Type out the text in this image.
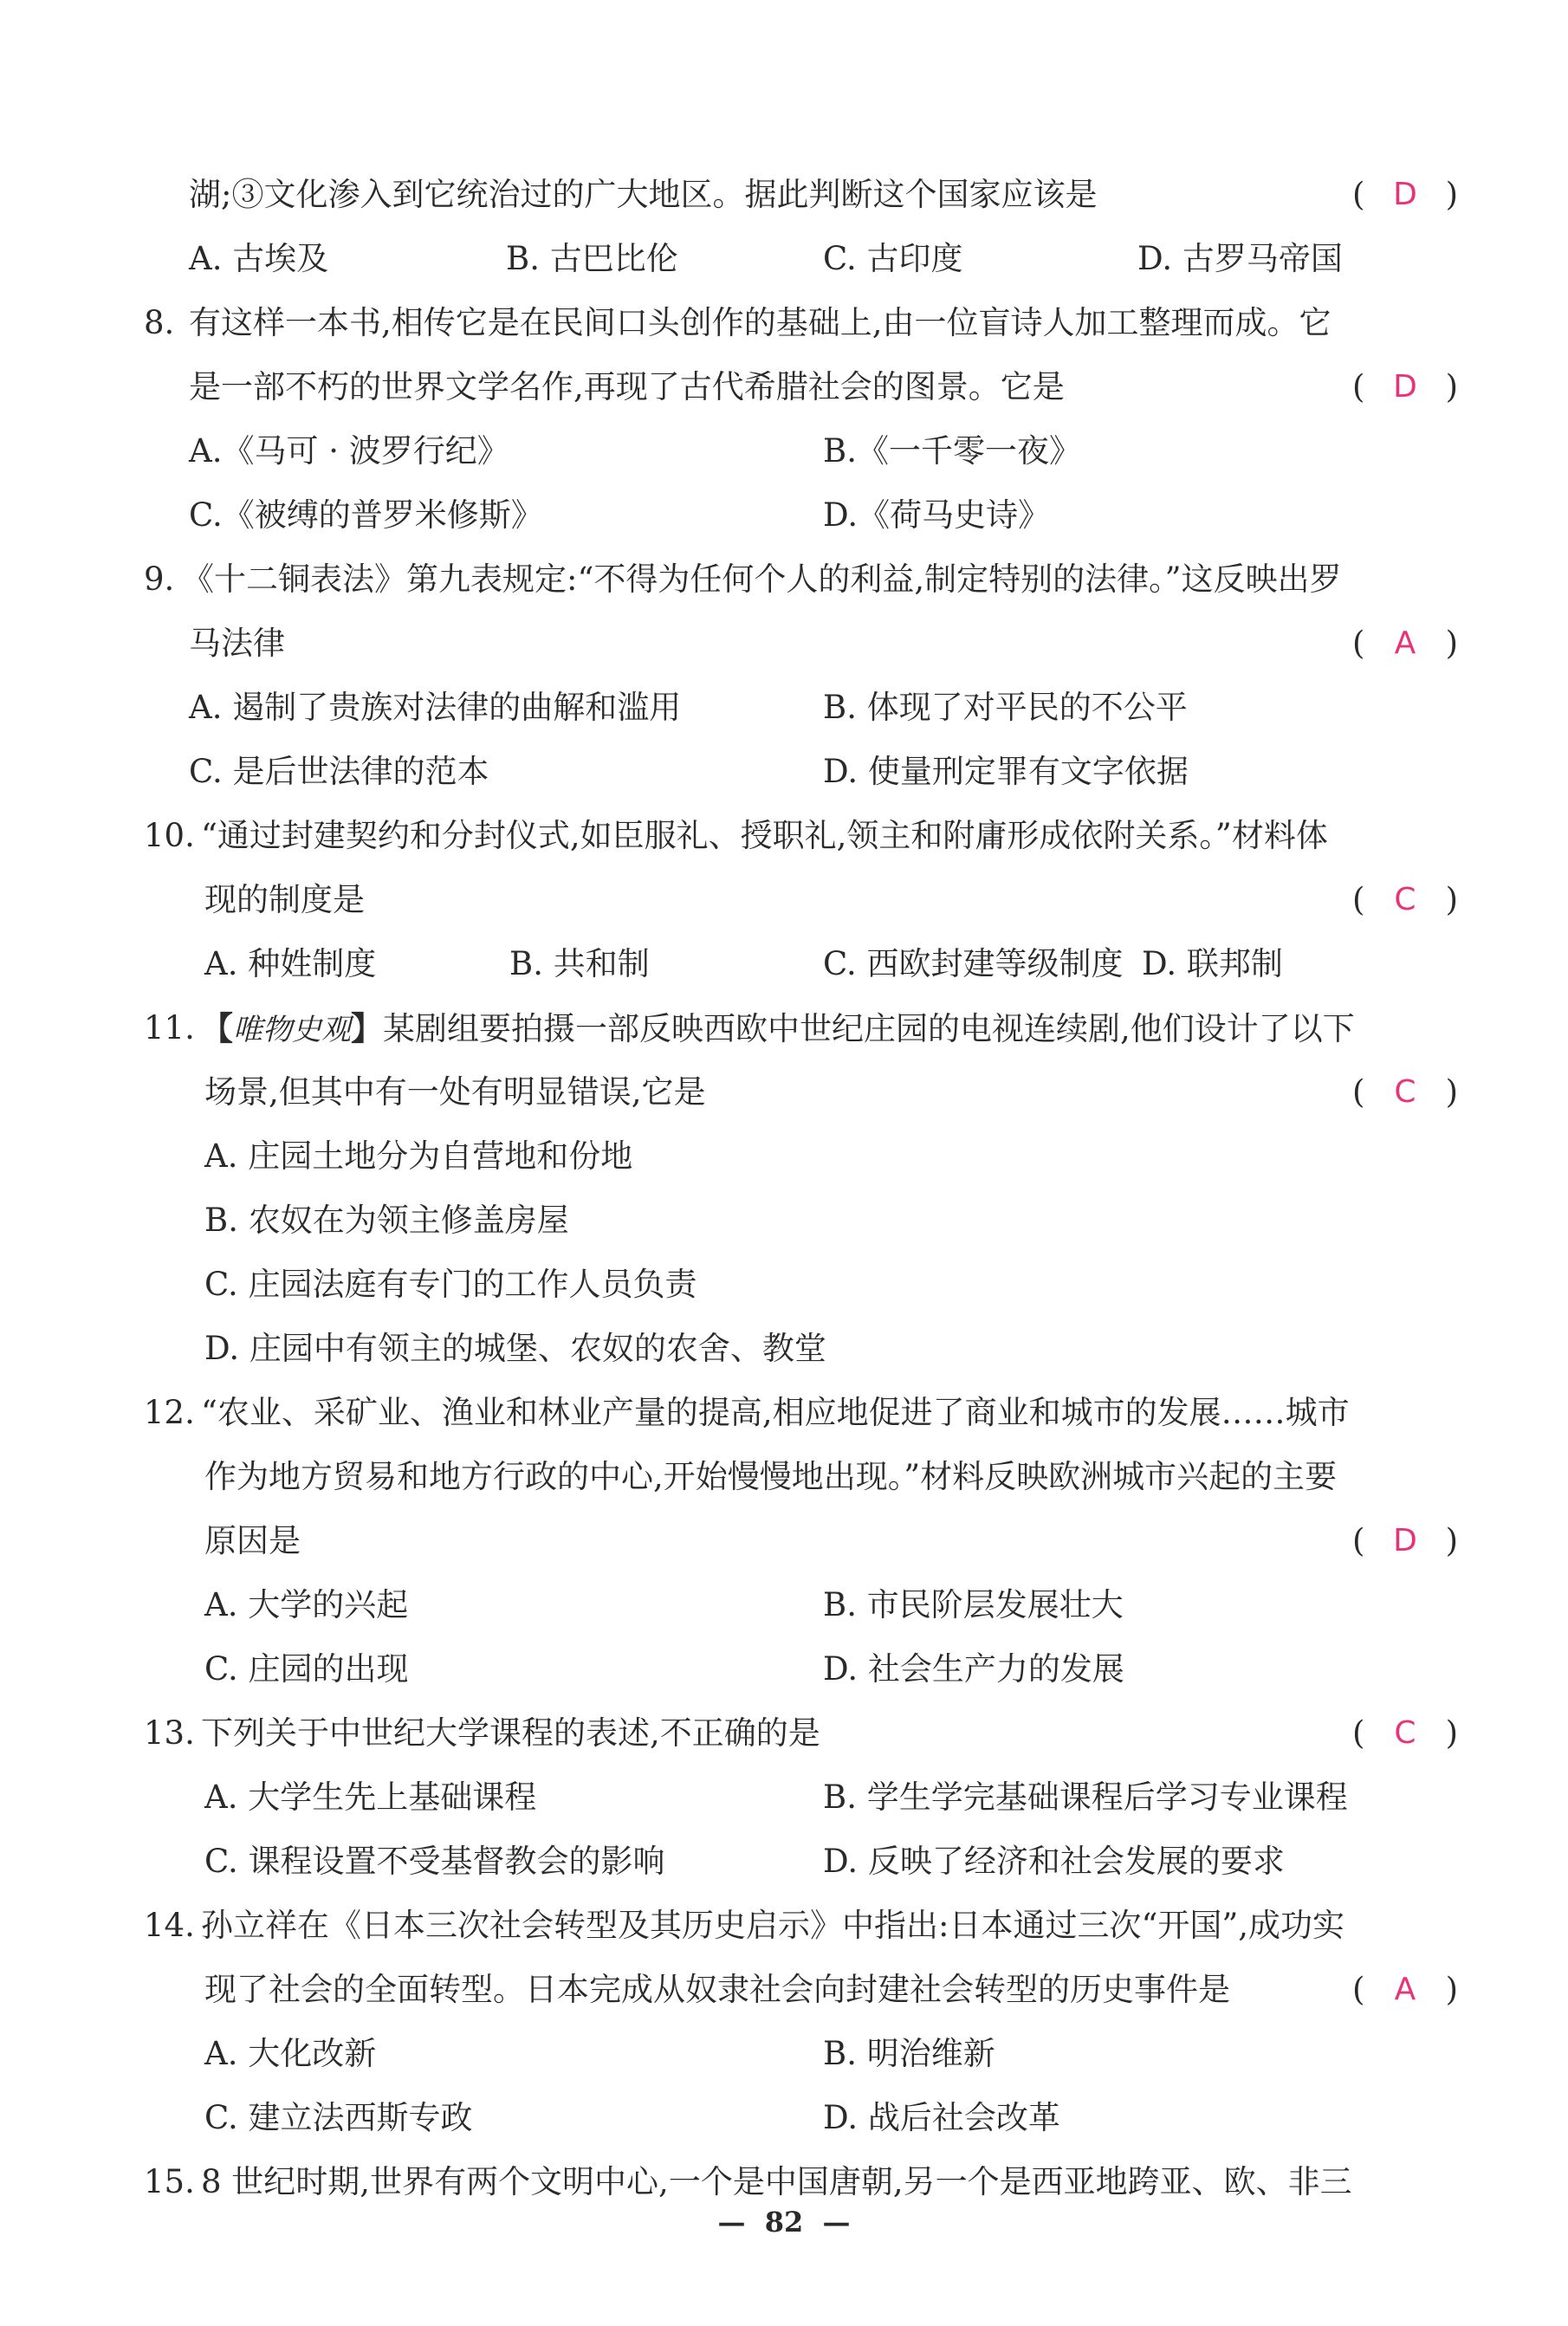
湖;③文化渗入到它统治过的广大地区。据此判断这个国家应该是	( D )
A. 古埃及	B. 古巴比伦	C. 古印度	D. 古罗马帝国
8. 有这样一本书,相传它是在民间口头创作的基础上,由一位盲诗人加工整理而成。它
是一部不朽的世界文学名作,再现了古代希腊社会的图景。它是	( D )
A.《马可 · 波罗行纪》	B.《一千零一夜》
C.《被缚的普罗米修斯》	D.《荷马史诗》
9. 《十二铜表法》第九表规定:“不得为任何个人的利益,制定特别的法律。”这反映出罗
马法律	( A )
A. 遏制了贵族对法律的曲解和滥用	B. 体现了对平民的不公平
C. 是后世法律的范本	D. 使量刑定罪有文字依据
10. “通过封建契约和分封仪式,如臣服礼、授职礼,领主和附庸形成依附关系。”材料体
现的制度是	( C )
A. 种姓制度	B. 共和制	C. 西欧封建等级制度 D. 联邦制
11. 【唯物史观】某剧组要拍摄一部反映西欧中世纪庄园的电视连续剧,他们设计了以下
场景,但其中有一处有明显错误,它是	( C )
A. 庄园土地分为自营地和份地
B. 农奴在为领主修盖房屋
C. 庄园法庭有专门的工作人员负责
D. 庄园中有领主的城堡、农奴的农舍、教堂
12. “农业、采矿业、渔业和林业产量的提高,相应地促进了商业和城市的发展……城市
作为地方贸易和地方行政的中心,开始慢慢地出现。”材料反映欧洲城市兴起的主要
原因是	( D )
A. 大学的兴起	B. 市民阶层发展壮大
C. 庄园的出现	D. 社会生产力的发展
13. 下列关于中世纪大学课程的表述,不正确的是	( C )
A. 大学生先上基础课程	B. 学生学完基础课程后学习专业课程
C. 课程设置不受基督教会的影响	D. 反映了经济和社会发展的要求
14. 孙立祥在《日本三次社会转型及其历史启示》中指出:日本通过三次“开国”,成功实
现了社会的全面转型。日本完成从奴隶社会向封建社会转型的历史事件是	( A )
A. 大化改新	B. 明治维新
C. 建立法西斯专政	D. 战后社会改革
15. 8 世纪时期,世界有两个文明中心,一个是中国唐朝,另一个是西亚地跨亚、欧、非三
—  82  —
